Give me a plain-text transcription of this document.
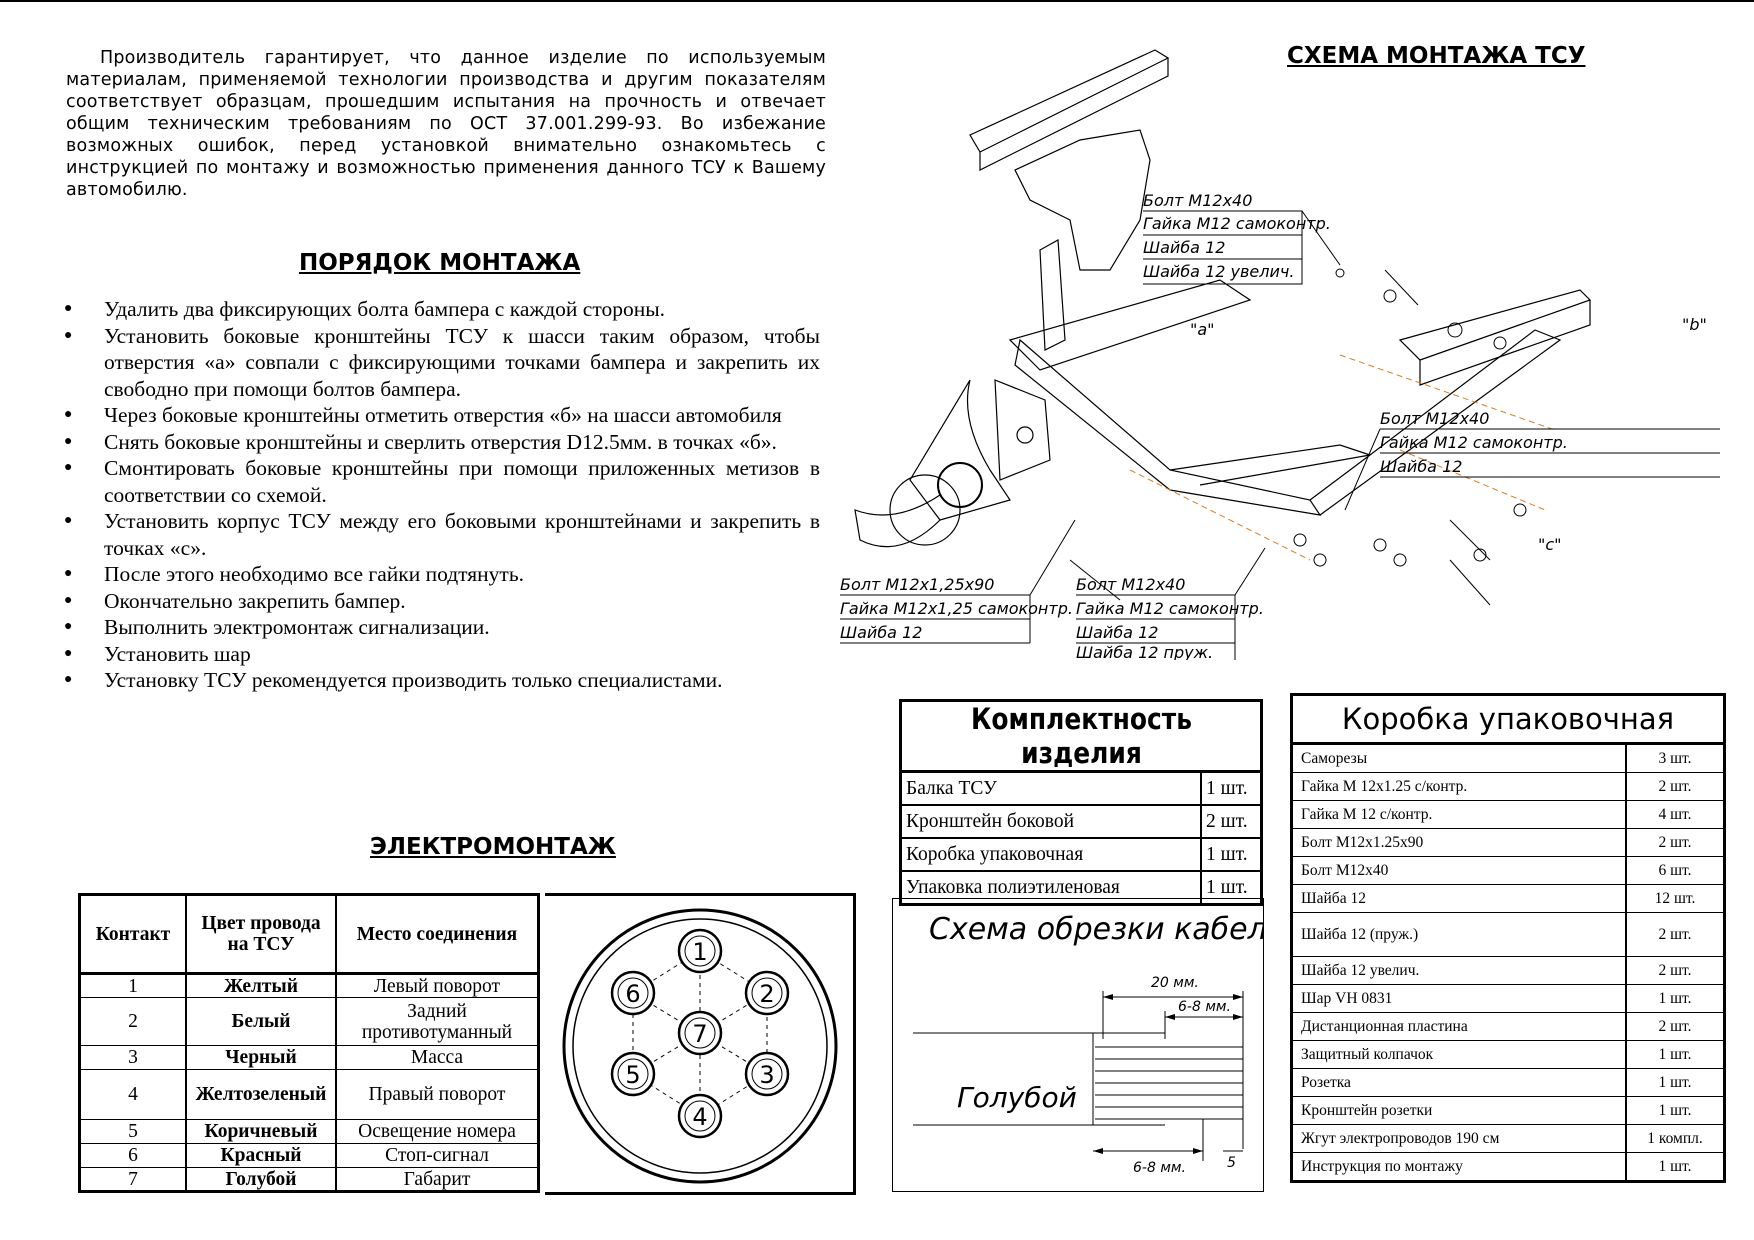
Производитель гарантирует, что данное изделие по используемым материалам, применяемой технологии производства и другим показателям соответствует образцам, прошедшим испытания на прочность и отвечает общим техническим требованиям по ОСТ 37.001.299-93. Во избежание возможных ошибок, перед установкой внимательно ознакомьтесь с инструкцией по монтажу и возможностью применения данного ТСУ к Вашему автомобилю.

ПОРЯДОК МОНТАЖА
● Удалить два фиксирующих болта бампера с каждой стороны.
● Установить боковые кронштейны ТСУ к шасси таким образом, чтобы отверстия «а» совпали с фиксирующими точками бампера и закрепить их свободно при помощи болтов бампера.
● Через боковые кронштейны отметить отверстия «б» на шасси автомобиля
● Снять боковые кронштейны и сверлить отверстия D12.5мм. в точках «б».
● Смонтировать боковые кронштейны при помощи приложенных метизов в соответствии со схемой.
● Установить корпус ТСУ между его боковыми кронштейнами и закрепить в точках «с».
● После этого необходимо все гайки подтянуть.
● Окончательно закрепить бампер.
● Выполнить электромонтаж сигнализации.
● Установить шар
● Установку ТСУ рекомендуется производить только специалистами.
ЭЛЕКТРОМОНТАЖ
Контакт	Цвет провода на ТСУ	Место соединения
1	Желтый	Левый поворот
2	Белый	Задний противотуманный
3	Черный	Масса
4	Желтозеленый	Правый поворот
5	Коричневый	Освещение номера
6	Красный	Стоп-сигнал
7	Голубой	Габарит
1
2
3
4
5
6
7
СХЕМА МОНТАЖА ТСУ
"а"	"b"
"c"
Болт М12х40
Гайка М12 самоконтр.
Шайба 12
Шайба 12 увелич.
Болт М12х40
Гайка М12 самоконтр.
Шайба 12
Болт М12х1,25х90
Гайка М12х1,25 самоконтр.
Шайба 12
Болт М12х40
Гайка М12 самоконтр.
Шайба 12
Шайба 12 пруж.
Комплектность изделия	
Балка ТСУ	1 шт.
Кронштейн боковой	2 шт.
Коробка упаковочная	1 шт.
Упаковка полиэтиленовая	1 шт.
Коробка упаковочная	
Саморезы	3 шт.
Гайка М 12х1.25 с/контр.	2 шт.
Гайка М 12 с/контр.	4 шт.
Болт М12х1.25х90	2 шт.
Болт М12х40	6 шт.
Шайба 12	12 шт.
Шайба 12 (пруж.)	2 шт.
Шайба 12 увелич.	2 шт.
Шар VH 0831	1 шт.
Дистанционная пластина	2 шт.
Защитный колпачок	1 шт.
Розетка	1 шт.
Кронштейн розетки	1 шт.
Жгут электропроводов 190 см	1 компл.
Инструкция по монтажу	1 шт.
Схема обрезки кабеля
20 мм.
6-8 мм.
6-8 мм.	5
Голубой
